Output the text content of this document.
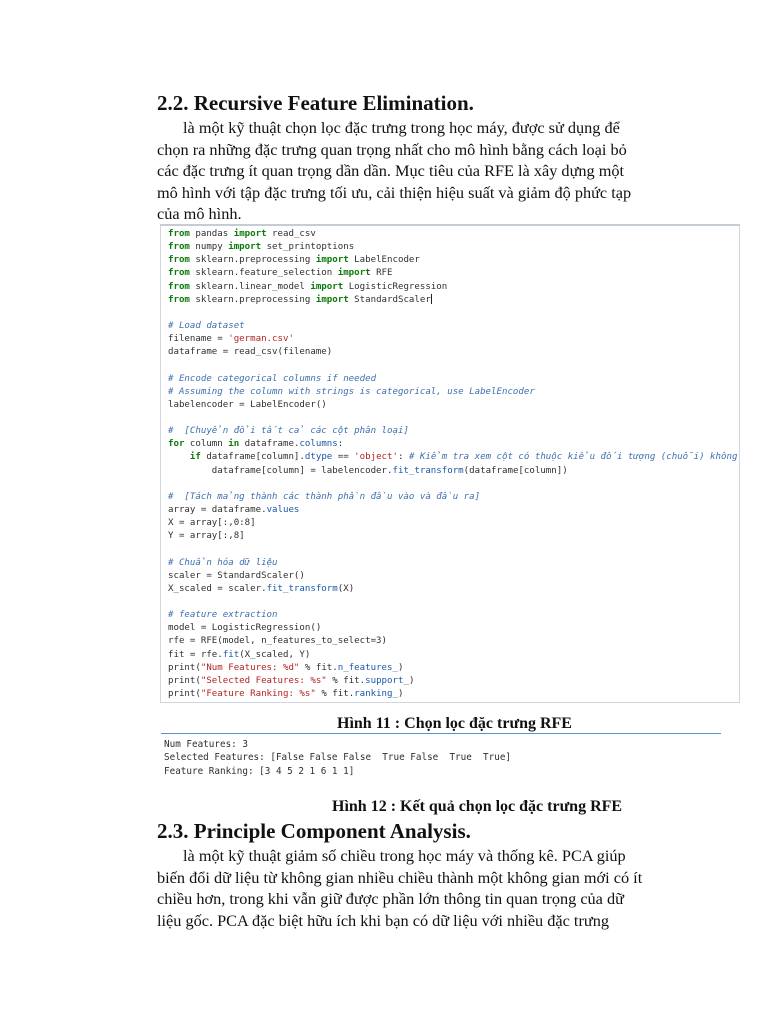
2.2. Recursive Feature Elimination.
là một kỹ thuật chọn lọc đặc trưng trong học máy, được sử dụng để
chọn ra những đặc trưng quan trọng nhất cho mô hình bằng cách loại bỏ
các đặc trưng ít quan trọng dần dần. Mục tiêu của RFE là xây dựng một
mô hình với tập đặc trưng tối ưu, cải thiện hiệu suất và giảm độ phức tạp
của mô hình.
from pandas import read_csv
from numpy import set_printoptions
from sklearn.preprocessing import LabelEncoder
from sklearn.feature_selection import RFE
from sklearn.linear_model import LogisticRegression
from sklearn.preprocessing import StandardScaler

# Load dataset
filename = 'german.csv'
dataframe = read_csv(filename)

# Encode categorical columns if needed
# Assuming the column with strings is categorical, use LabelEncoder
labelencoder = LabelEncoder()

#  [Chuyển đổi tất cả các cột phân loại]
for column in dataframe.columns:
if dataframe[column].dtype == 'object': # Kiểm tra xem cột có thuộc kiểu đối tượng (chuỗi) không
dataframe[column] = labelencoder.fit_transform(dataframe[column])

#  [Tách mảng thành các thành phần đầu vào và đầu ra]
array = dataframe.values
X = array[:,0:8]
Y = array[:,8]

# Chuẩn hóa dữ liệu
scaler = StandardScaler()
X_scaled = scaler.fit_transform(X)

# feature extraction
model = LogisticRegression()
rfe = RFE(model, n_features_to_select=3)
fit = rfe.fit(X_scaled, Y)
print("Num Features: %d" % fit.n_features_)
print("Selected Features: %s" % fit.support_)
print("Feature Ranking: %s" % fit.ranking_)

Hình 11 : Chọn lọc đặc trưng RFE

Num Features: 3
Selected Features: [False False False  True False  True  True]
Feature Ranking: [3 4 5 2 1 6 1 1]

Hình 12 : Kết quả chọn lọc đặc trưng RFE

2.3. Principle Component Analysis.
là một kỹ thuật giảm số chiều trong học máy và thống kê. PCA giúp
biến đổi dữ liệu từ không gian nhiều chiều thành một không gian mới có ít
chiều hơn, trong khi vẫn giữ được phần lớn thông tin quan trọng của dữ
liệu gốc. PCA đặc biệt hữu ích khi bạn có dữ liệu với nhiều đặc trưng
